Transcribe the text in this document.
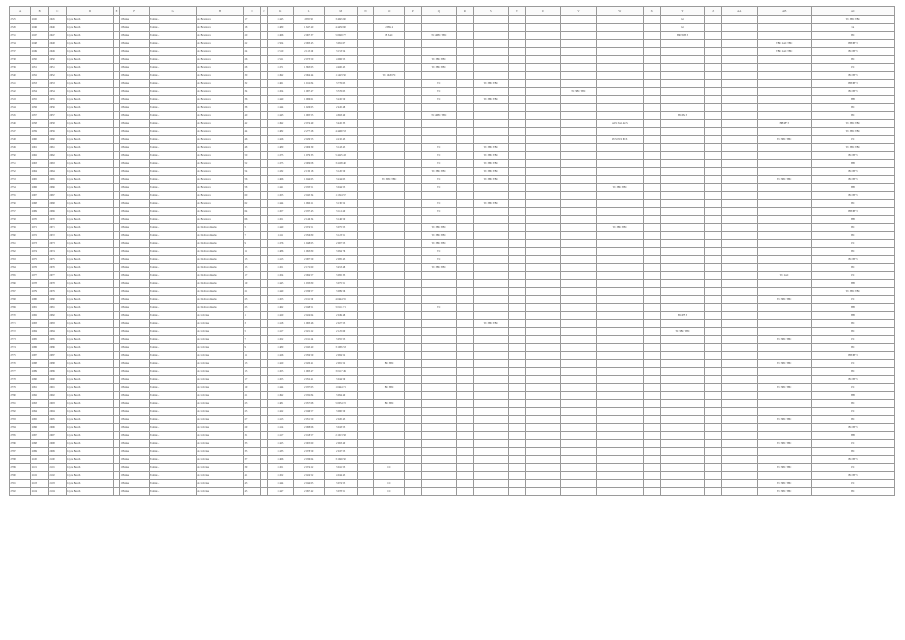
A	B	C	D	E	F	G	H	I	J	K	L	M	N	O	P	Q	R	S	T	U	V	W	X	Y	Z	AA	AB	AC
2725	2045	2045	Joyce Beach		1 Banka	Tomtar...	ul. Bronzova	17		1 445	2583 50	3 4045 60												Gi				TC 3BC TBC
2726	2046	2046	Joyce Beach		1 Banka	Tomtar...	ul. Bronzova	18		1 480	1 647 40	4 4450 60		2 HK 4										Gi				Gi
2731	2047	2047	Joyce Beach		1 Banka	Tomtar...	ul. Bronzova	20		1 466	2 067 37	5 0048 77		B 3AC		TC 4IBC TBC								Bill/WH 3				BC
2734	2048	2048	Joyce Beach		1 Banka	Tomtar...	ul. Bronzova	22		1 504	2 083 45	3 091 67															TBC 2AC TBC	HB/PF 3
2737	2049	2049	Joyce Beach		1 Banka	Tomtar...	ul. Bronzova	24		1 510	2 113 20	3 153 54															TBC 2AC TBC	BC/PF 3
2738	2050	2050	Joyce Beach		1 Banka	Tomtar...	ul. Bronzova	26		1 521	2 073 50	4 066 55				TC 3BC TBC												BC
2739	2051	2051	Joyce Beach		1 Banka	Tomtar...	ul. Bronzova	28		1 471	1 893 63	4 460 45				TC 3BC TBC												PC
2740	2052	2052	Joyce Beach		1 Banka	Tomtar...	ul. Bronzova	30		1 492	2 064 44	1 1423 50		TC 1020 FC														BC/PF 3
2741	2053	2053	Joyce Beach		1 Banka	Tomtar...	ul. Bronzova	32		1 461	1 912 84	3 776 65				TC		TC 3BC TBC										HB/PF 3
2742	2054	2054	Joyce Beach		1 Banka	Tomtar...	ul. Bronzova	34		1 454	1 987 47	3 576 65				TC					TC 3BC TBC							BC/PF 3
2743	2055	2055	Joyce Beach		1 Banka	Tomtar...	ul. Bronzova	36		1 440	1 986 61	3 245 50				TC		TC 3BC TBC										HB
2744	2056	2056	Joyce Beach		1 Banka	Tomtar...	ul. Bronzova	38		1 444	1 926 65	2 445 48																BC
2745	2057	2057	Joyce Beach		1 Banka	Tomtar...	ul. Bronzova	40		1 443	1 985 55	4 693 40				TC 4IBC TBC								BC/Pk 3				BC
2746	2058	2058	Joyce Beach		1 Banka	Tomtar...	ul. Bronzova	42		1 492	2 074 49	3 445 33										ACS 3A1 ACS					HB/PF 3	TC 3BC TBC
2747	2059	2059	Joyce Beach		1 Banka	Tomtar...	ul. Bronzova	44		1 482	2 277 28	4 4490 53																TC 3BC TBC
2748	2060	2060	Joyce Beach		1 Banka	Tomtar...	ul. Bronzova	46		1 426	2 029 53	4 210 43										PCS PCS PCS					TC 3BC TBC	PC
2749	2061	2061	Joyce Beach		1 Banka	Tomtar...	ul. Bronzova	48		1 480	2 006 39	3 143 45				TC		TC 3BC TBC										TC 3BC TBC
2750	2062	2062	Joyce Beach		1 Banka	Tomtar...	ul. Bronzova	50		1 475	1 979 33	5 4225 43				TC		TC 3BC TBC										BC/PF 3
2751	2063	2063	Joyce Beach		1 Banka	Tomtar...	ul. Bronzova	52		1 475	2 009 08	3 4108 40				TC		TC 3BC TBC										HB
2752	2064	2064	Joyce Beach		1 Banka	Tomtar...	ul. Bronzova	54		1 432	2 130 18	3 120 50				TC 3BC TBC		TC 3BC TBC										BC/PF 3
2753	2065	2065	Joyce Beach		1 Banka	Tomtar...	ul. Bronzova	56		1 466	1 944 65	3 244 65		TC 3BC TBC		TC		TC 3BC TBC									TC 3BC TBC	BC/PF 3
2754	2066	2066	Joyce Beach		1 Banka	Tomtar...	ul. Bronzova	58		1 441	2 033 51	3 044 55				TC						TC 3BC TBC						HB
2755	2067	2067	Joyce Beach		1 Banka	Tomtar...	ul. Bronzova	60		1 455	2 045 34	1 1524 57																BC/PF 3
2756	2068	2068	Joyce Beach		1 Banka	Tomtar...	ul. Bronzova	62		1 444	1 990 21	3 130 52				TC		TC 3BC TBC										BC
2757	2069	2069	Joyce Beach		1 Banka	Tomtar...	ul. Bronzova	64		1 457	2 037 43	3 112 40				TC												HB/PF 3
2758	2070	2070	Joyce Beach		1 Banka	Tomtar...	ul. Bronzova	66		1 451	2 146 34	3 146 50																HB
2759	2071	2071	Joyce Beach		1 Banka	Tomtar...	ul. Dobrovolskoho	5		1 440	2 074 51	3 075 55				TC 3BC TBC						TC 3BC TBC						BC
2760	2072	2072	Joyce Beach		1 Banka	Tomtar...	ul. Dobrovolskoho	7		1 411	2 056 80	3 123 51				TC 3BC TBC												BC
2761	2073	2073	Joyce Beach		1 Banka	Tomtar...	ul. Dobrovolskoho	9		1 476	1 948 65	2 067 53				TC 3BC TBC												PC
2762	2074	2074	Joyce Beach		1 Banka	Tomtar...	ul. Dobrovolskoho	11		1 486	1 993 80	3 094 76				TC												BC
2763	2075	2075	Joyce Beach		1 Banka	Tomtar...	ul. Dobrovolskoho	13		1 413	2 087 59	2 085 43				TC												BC/PF 3
2764	2076	2076	Joyce Beach		1 Banka	Tomtar...	ul. Dobrovolskoho	15		1 451	2 172 60	3 453 48				TC 3BC TBC												BC
2765	2077	2077	Joyce Beach		1 Banka	Tomtar...	ul. Dobrovolskoho	17		1 454	2 084 57	3 095 33															TC 2AC	PC
2766	2078	2078	Joyce Beach		1 Banka	Tomtar...	ul. Dobrovolskoho	19		1 445	1 933 80	3 075 51																HB
2767	2079	2079	Joyce Beach		1 Banka	Tomtar...	ul. Dobrovolskoho	21		1 440	2 036 57	3 089 56																TC 3BC TBC
2768	2080	2080	Joyce Beach		1 Banka	Tomtar...	ul. Dobrovolskoho	23		1 453	2 011 50	4 0444 55															TC 3BC TBC	PC
2769	2081	2081	Joyce Beach		1 Banka	Tomtar...	ul. Dobrovolskoho	25		1 462	2 048 51	5 0111 71				TC												HB
2770	2082	2082	Joyce Beach		1 Banka	Tomtar...	ul. Lvivska	1		1 420	2 024 64	2 049 48												BC/PF 3				HB
2771	2083	2083	Joyce Beach		1 Banka	Tomtar...	ul. Lvivska	3		1 418	1 983 46	2 027 53						TC 3BC TBC										BC
2772	2084	2084	Joyce Beach		1 Banka	Tomtar...	ul. Lvivska	5		1 417	2 021 22	2 125 60												TC 3BC TBC				BC
2773	2085	2085	Joyce Beach		1 Banka	Tomtar...	ul. Lvivska	7		1 452	2 011 24	3 055 53															TC 3BC TBC	PC
2774	2086	2086	Joyce Beach		1 Banka	Tomtar...	ul. Lvivska	9		1 480	2 045 40	3 1065 53																BC
2775	2087	2087	Joyce Beach		1 Banka	Tomtar...	ul. Lvivska	11		1 426	2 059 59	2 084 52																HB/PF 3
2776	2088	2088	Joyce Beach		1 Banka	Tomtar...	ul. Lvivska	13		1 420	2 020 41	2 081 52		BC 3BC													TC 3BC TBC	PC
2777	2089	2089	Joyce Beach		1 Banka	Tomtar...	ul. Lvivska	15		1 455	1 983 47	3 0117 49																BC
2778	2090	2090	Joyce Beach		1 Banka	Tomtar...	ul. Lvivska	17		1 455	2 052 41	3 044 59																BC/PF 3
2779	2091	2091	Joyce Beach		1 Banka	Tomtar...	ul. Lvivska	19		1 444	2 037 63	1 0444 71		BC 3BC													TC 3BC TBC	PC
2780	2092	2092	Joyce Beach		1 Banka	Tomtar...	ul. Lvivska	21		1 492	2 032 84	3 094 40																HB
2781	2093	2093	Joyce Beach		1 Banka	Tomtar...	ul. Lvivska	23		1 481	2 057 68	5 0054 72		BC 3BC														BC
2782	2094	2094	Joyce Beach		1 Banka	Tomtar...	ul. Lvivska	25		1 422	2 046 57	3 060 50																PC
2783	2095	2095	Joyce Beach		1 Banka	Tomtar...	ul. Lvivska	27		1 413	2 051 50	2 020 43															TC 3BC TBC	BC
2784	2096	2096	Joyce Beach		1 Banka	Tomtar...	ul. Lvivska	29		1 414	2 088 66	3 043 53																BC/PF 3
2785	2097	2097	Joyce Beach		1 Banka	Tomtar...	ul. Lvivska	31		1 417	2 018 57	2 1013 58																HB
2786	2098	2098	Joyce Beach		1 Banka	Tomtar...	ul. Lvivska	33		1 425	2 005 60	2 063 40															TC 3BC TBC	PC
2787	2099	2099	Joyce Beach		1 Banka	Tomtar...	ul. Lvivska	35		1 433	2 078 59	2 047 53																BC
2788	2100	2100	Joyce Beach		1 Banka	Tomtar...	ul. Lvivska	37		1 466	2 036 64	3 1049 50																BC/PF 3
2789	2101	2101	Joyce Beach		1 Banka	Tomtar...	ul. Lvivska	39		1 451	2 074 22	3 041 53		CC													TC 3BC TBC	PC
2790	2102	2102	Joyce Beach		1 Banka	Tomtar...	ul. Lvivska	41		1 452	2 024 52	4 044 45																BC/PF 3
2791	2103	2103	Joyce Beach		1 Banka	Tomtar...	ul. Lvivska	43		1 444	2 044 65	3 074 55		CC													TC 3BC TBC	PC
2792	2104	2104	Joyce Beach		1 Banka	Tomtar...	ul. Lvivska	45		1 447	2 097 42	3 078 51		CC													TC 3BC TBC	BC
